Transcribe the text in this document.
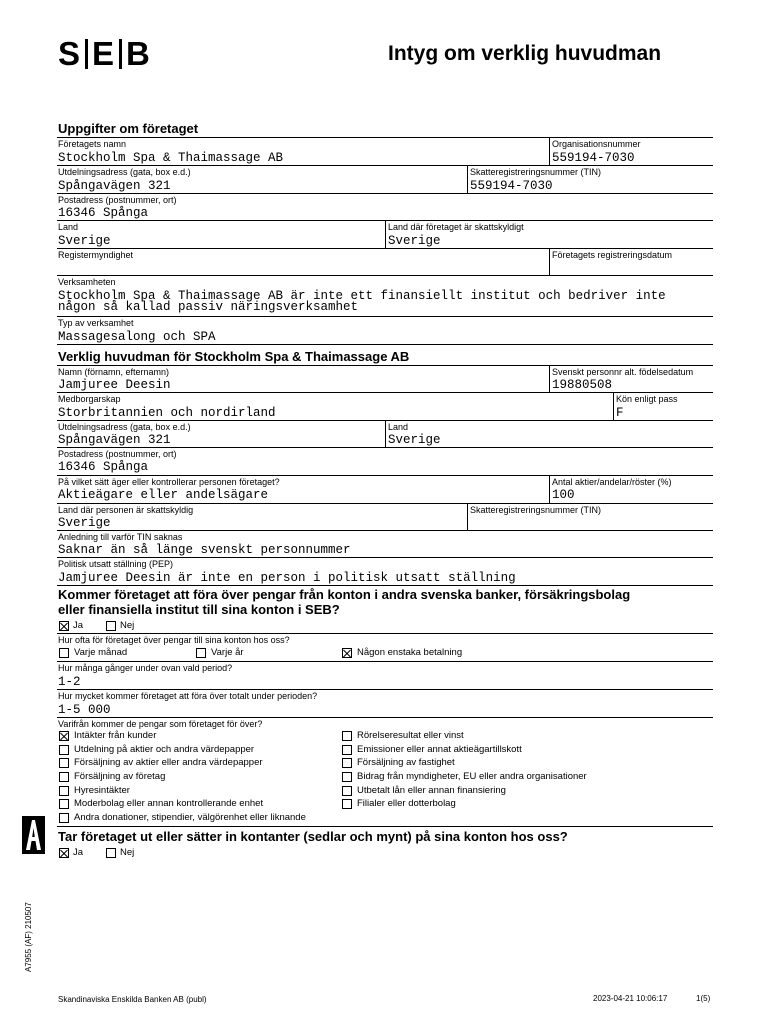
S E B	Intyg om verklig huvudman
Uppgifter om företaget
Företagets namn
Stockholm Spa & Thaimassage AB
Organisationsnummer
559194-7030
Utdelningsadress (gata, box e.d.)
Spångavägen 321
Skatteregistreringsnummer (TIN)
559194-7030
Postadress (postnummer, ort)
16346 Spånga
Land
Sverige
Land där företaget är skattskyldigt
Sverige
Registermyndighet	Företagets registreringsdatum
Verksamheten
Stockholm Spa & Thaimassage AB är inte ett finansiellt institut och bedriver inte
någon så kallad passiv näringsverksamhet
Typ av verksamhet
Massagesalong och SPA
Verklig huvudman för Stockholm Spa & Thaimassage AB
Namn (förnamn, efternamn)
Jamjuree Deesin
Svenskt personnr alt. födelsedatum
19880508
Medborgarskap
Storbritannien och nordirland
Kön enligt pass
F
Utdelningsadress (gata, box e.d.)
Spångavägen 321
Land
Sverige
Postadress (postnummer, ort)
16346 Spånga
På vilket sätt äger eller kontrollerar personen företaget?
Aktieägare eller andelsägare
Antal aktier/andelar/röster (%)
100
Land där personen är skattskyldig
Sverige
Skatteregistreringsnummer (TIN)
Anledning till varför TIN saknas
Saknar än så länge svenskt personnummer
Politisk utsatt ställning (PEP)
Jamjuree Deesin är inte en person i politisk utsatt ställning
Kommer företaget att föra över pengar från konton i andra svenska banker, försäkringsbolag
eller finansiella institut till sina konton i SEB?
Ja	Nej
Hur ofta för företaget över pengar till sina konton hos oss?
Varje månad	Varje år	Någon enstaka betalning
Hur många gånger under ovan vald period?
1-2
Hur mycket kommer företaget att föra över totalt under perioden?
1-5 000
Varifrån kommer de pengar som företaget för över?
Intäkter från kunder
Utdelning på aktier och andra värdepapper
Försäljning av aktier eller andra värdepapper
Försäljning av företag
Hyresintäkter
Moderbolag eller annan kontrollerande enhet
Andra donationer, stipendier, välgörenhet eller liknande
Rörelseresultat eller vinst
Emissioner eller annat aktieägartillskott
Försäljning av fastighet
Bidrag från myndigheter, EU eller andra organisationer
Utbetalt lån eller annan finansiering
Filialer eller dotterbolag
Tar företaget ut eller sätter in kontanter (sedlar och mynt) på sina konton hos oss?
Ja	Nej
A7955 (AF) 210507
Skandinaviska Enskilda Banken AB (publ)	2023-04-21 10:06:17	1(5)
